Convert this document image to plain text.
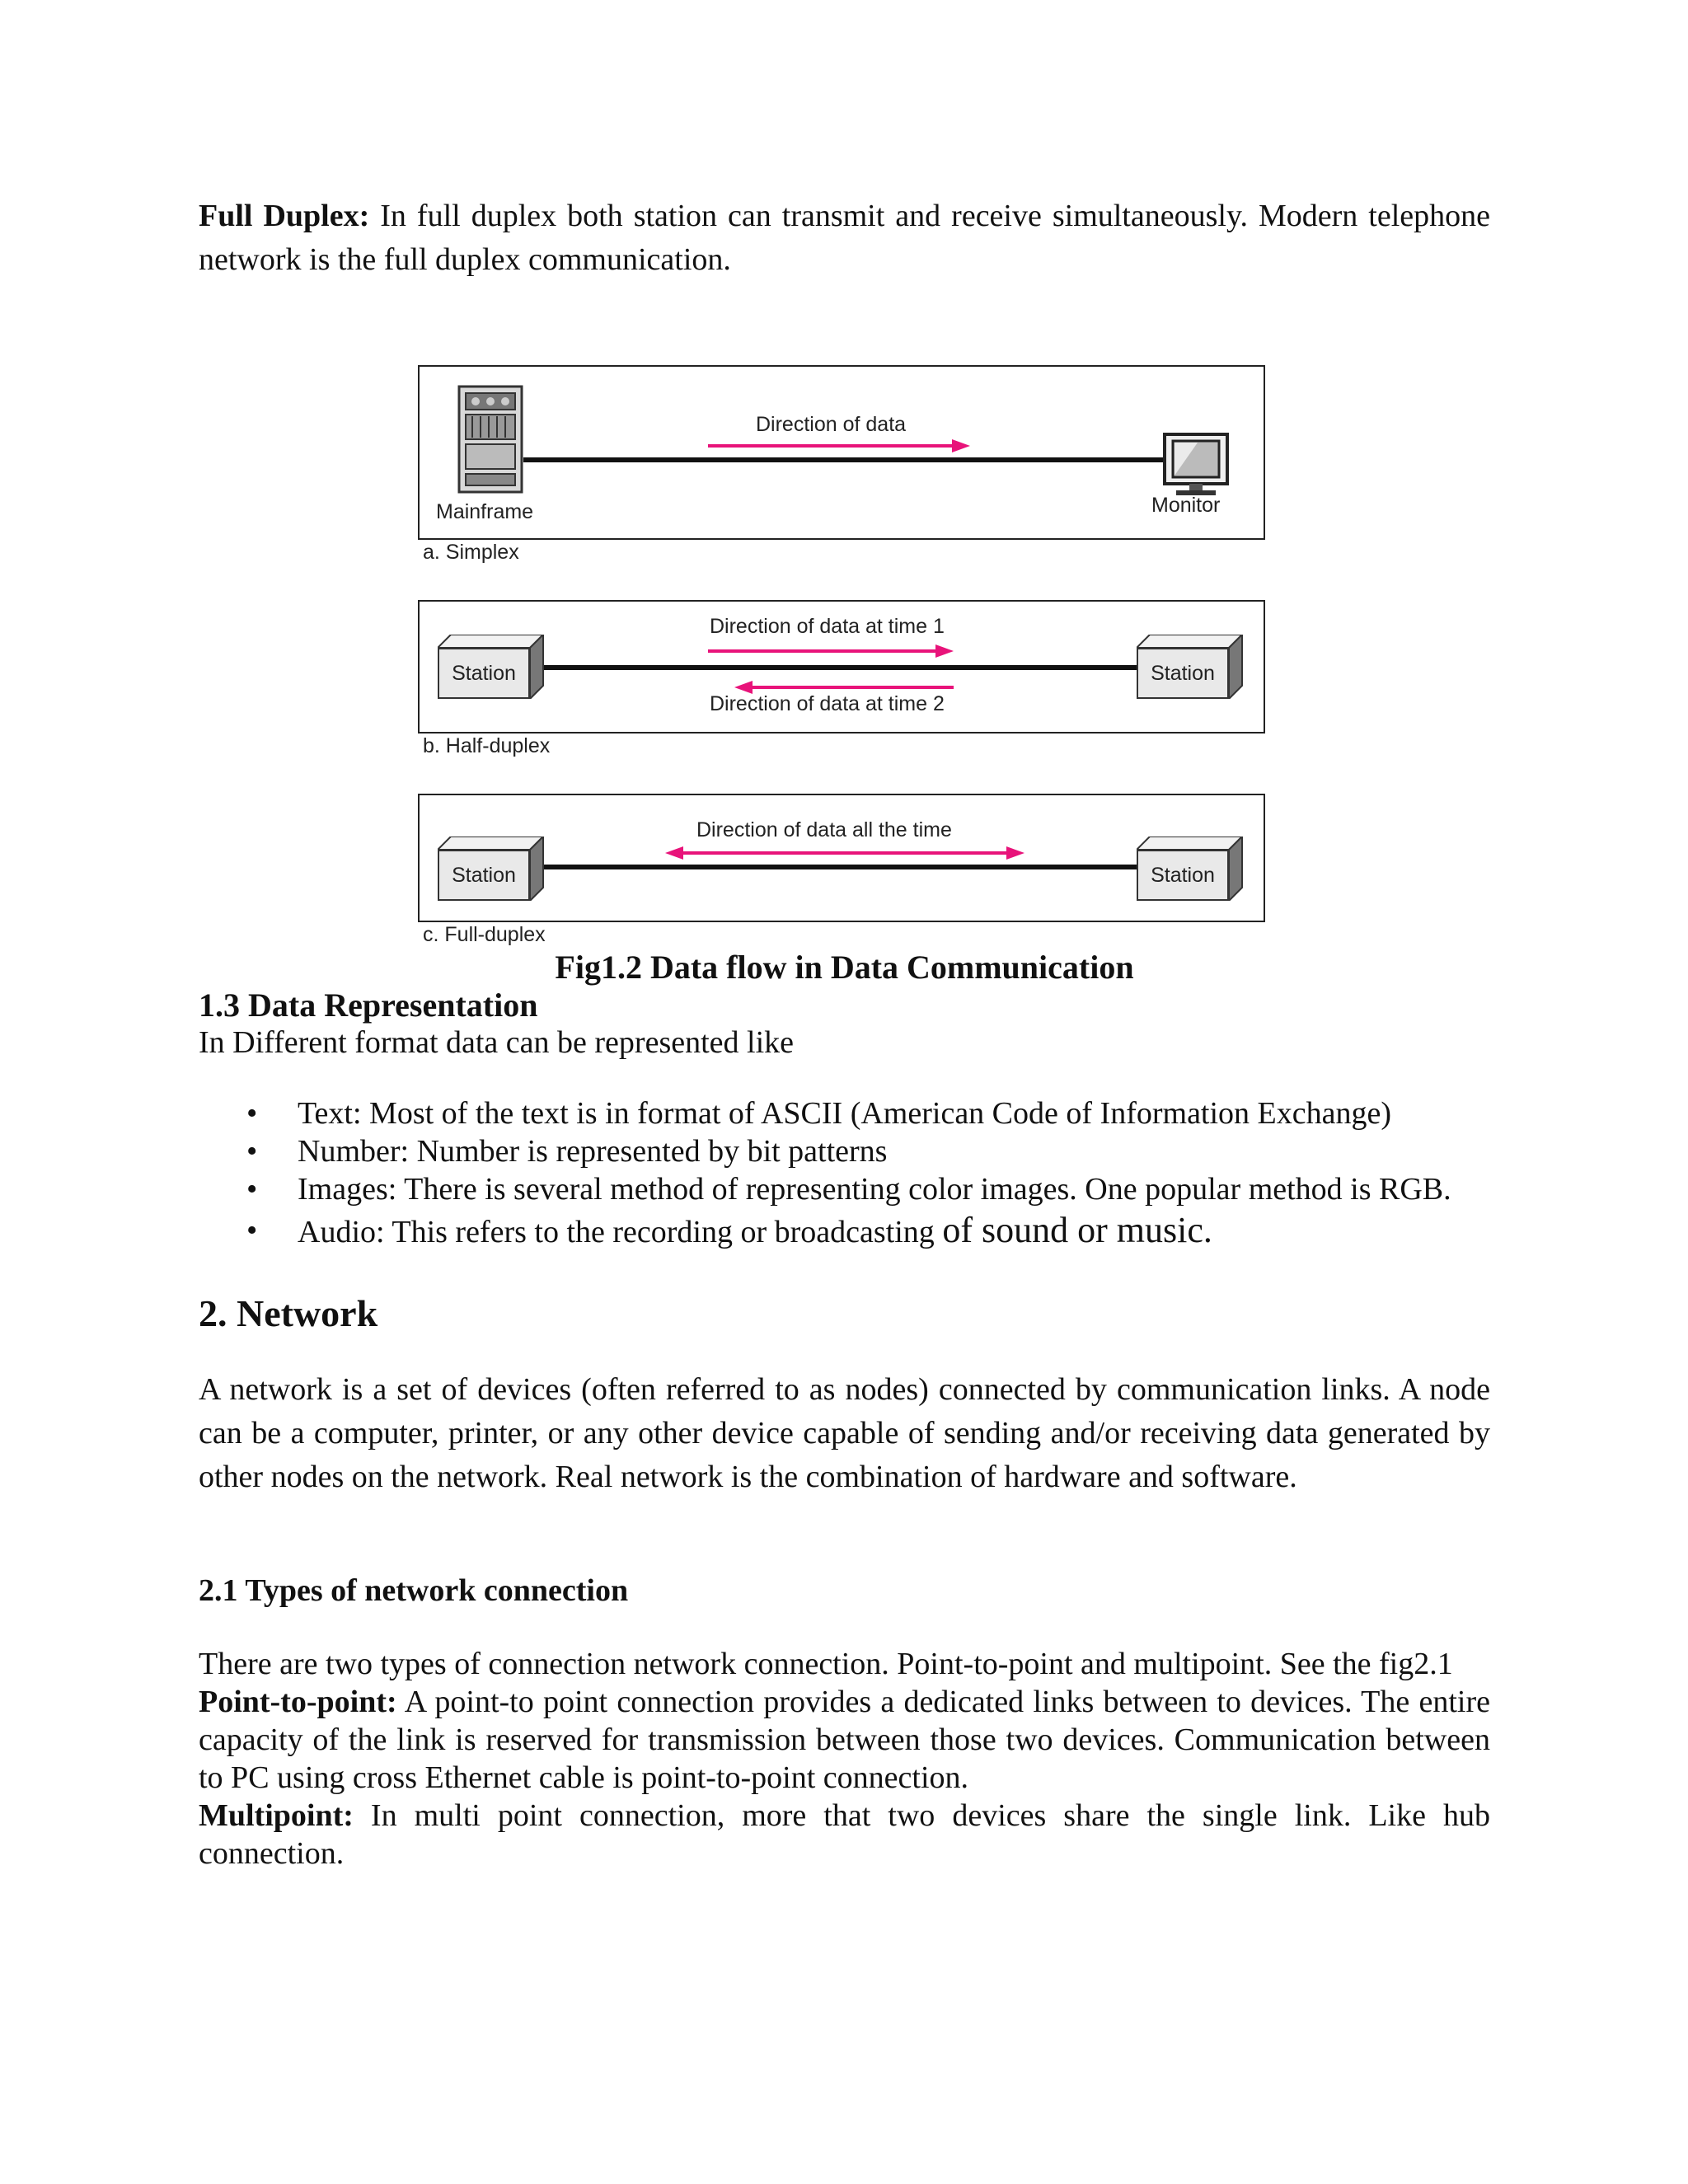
Full Duplex: In full duplex both station can transmit and receive simultaneously. Modern telephone network is the full duplex communication.

Direction of data
Mainframe	Monitor
a. Simplex
Station	Station
Direction of data at time 1
Direction of data at time 2
b. Half-duplex
Station	Station
Direction of data all the time
c. Full-duplex
Fig1.2 Data flow in Data Communication
1.3 Data Representation

In Different format data can be represented like

• Text: Most of the text is in format of ASCII (American Code of Information Exchange)
• Number: Number is represented by bit patterns
• Images: There is several method of representing color images. One popular method is RGB.
• Audio: This refers to the recording or broadcasting of sound or music.
2. Network

A network is a set of devices (often referred to as nodes) connected by communication links. A node can be a computer, printer, or any other device capable of sending and/or receiving data generated by other nodes on the network. Real network is the combination of hardware and software.

2.1 Types of network connection

There are two types of connection network connection. Point-to-point and multipoint. See the fig2.1

Point-to-point: A point-to point connection provides a dedicated links between to devices. The entire capacity of the link is reserved for transmission between those two devices. Communication between to PC using cross Ethernet cable is point-to-point connection.

Multipoint: In multi point connection, more that two devices share the single link. Like hub connection.
